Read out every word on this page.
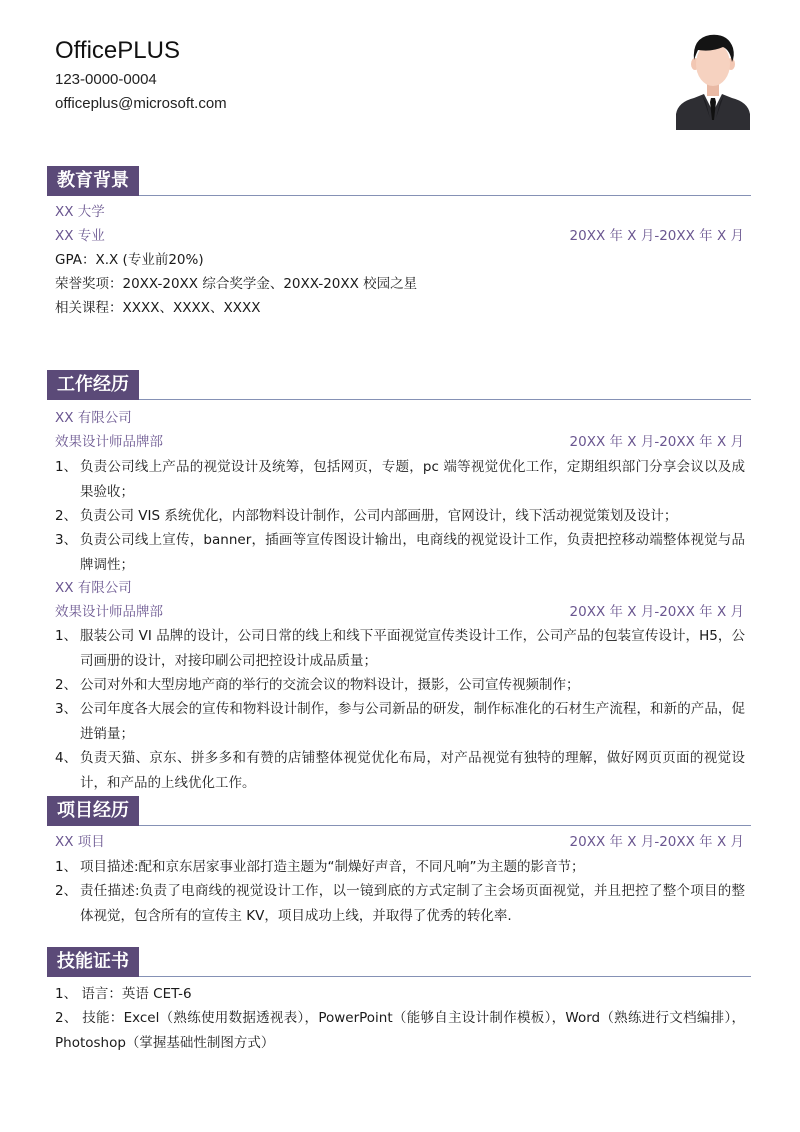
OfficePLUS
123-0000-0004
officeplus@microsoft.com
教育背景
XX 大学
XX 专业	20XX 年 X 月-20XX 年 X 月
GPA：X.X (专业前20%)
荣誉奖项：20XX-20XX 综合奖学金、20XX-20XX 校园之星
相关课程：XXXX、XXXX、XXXX
工作经历
XX 有限公司
效果设计师品牌部	20XX 年 X 月-20XX 年 X 月
1、 负责公司线上产品的视觉设计及统筹，包括网页，专题，pc 端等视觉优化工作，定期组织部门分享会议以及成果验收；
2、 负责公司 VIS 系统优化，内部物料设计制作，公司内部画册，官网设计，线下活动视觉策划及设计；
3、 负责公司线上宣传，banner，插画等宣传图设计输出，电商线的视觉设计工作，负责把控移动端整体视觉与品牌调性；
XX 有限公司
效果设计师品牌部	20XX 年 X 月-20XX 年 X 月
1、 服装公司 VI 品牌的设计，公司日常的线上和线下平面视觉宣传类设计工作，公司产品的包装宣传设计，H5，公司画册的设计，对接印刷公司把控设计成品质量；
2、 公司对外和大型房地产商的举行的交流会议的物料设计，摄影，公司宣传视频制作；
3、 公司年度各大展会的宣传和物料设计制作，参与公司新品的研发，制作标准化的石材生产流程，和新的产品，促进销量；
4、 负责天猫、京东、拼多多和有赞的店铺整体视觉优化布局，对产品视觉有独特的理解，做好网页页面的视觉设计，和产品的上线优化工作。
项目经历
XX 项目	20XX 年 X 月-20XX 年 X 月
1、 项目描述:配和京东居家事业部打造主题为“制燥好声音，不同凡响”为主题的影音节；
2、 责任描述:负责了电商线的视觉设计工作，以一镜到底的方式定制了主会场页面视觉，并且把控了整个项目的整体视觉，包含所有的宣传主 KV，项目成功上线，并取得了优秀的转化率.
技能证书
1、 语言：英语 CET-6
2、 技能：Excel（熟练使用数据透视表），PowerPoint（能够自主设计制作模板），Word（熟练进行文档编排），Photoshop（掌握基础性制图方式）
